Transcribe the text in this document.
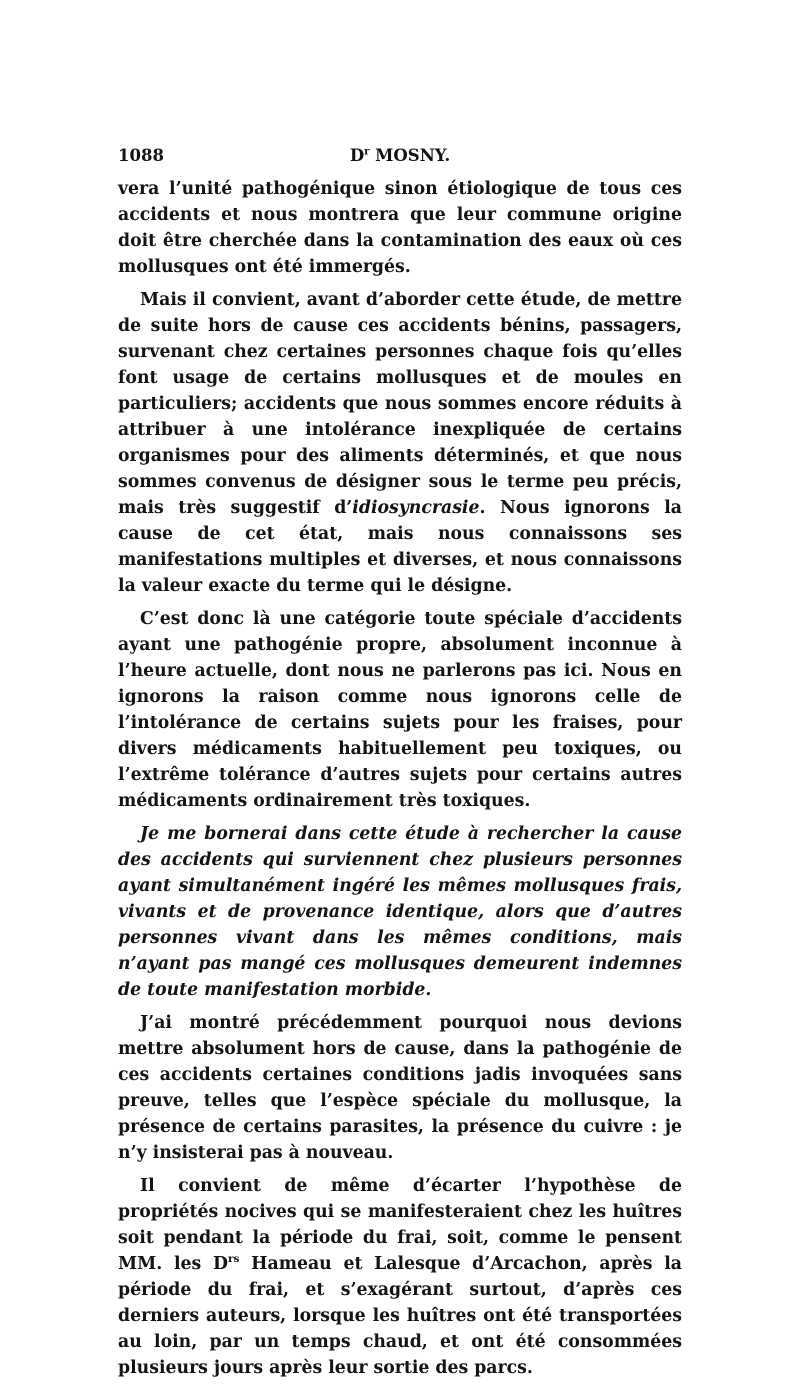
1088	$D^r$ MOSNY.

vera l’unité pathogénique sinon étiologique de tous ces accidents et nous montrera que leur commune origine doit être cherchée dans la contamination des eaux où ces mollusques ont été immergés.

Mais il convient, avant d’aborder cette étude, de mettre de suite hors de cause ces accidents bénins, passagers, survenant chez certaines personnes chaque fois qu’elles font usage de certains mollusques et de moules en particuliers; accidents que nous sommes encore réduits à attribuer à une intolérance inexpliquée de certains organismes pour des aliments déterminés, et que nous sommes convenus de désigner sous le terme peu précis, mais très suggestif d’idiosyncrasie. Nous ignorons la cause de cet état, mais nous connaissons ses manifestations multiples et diverses, et nous connaissons la valeur exacte du terme qui le désigne.

C’est donc là une catégorie toute spéciale d’accidents ayant une pathogénie propre, absolument inconnue à l’heure actuelle, dont nous ne parlerons pas ici. Nous en ignorons la raison comme nous ignorons celle de l’intolérance de certains sujets pour les fraises, pour divers médicaments habituellement peu toxiques, ou l’extrême tolérance d’autres sujets pour certains autres médicaments ordinairement très toxiques.

Je me bornerai dans cette étude à rechercher la cause des accidents qui surviennent chez plusieurs personnes ayant simultanément ingéré les mêmes mollusques frais, vivants et de provenance identique, alors que d’autres personnes vivant dans les mêmes conditions, mais n’ayant pas mangé ces mollusques demeurent indemnes de toute manifestation morbide.

J’ai montré précédemment pourquoi nous devions mettre absolument hors de cause, dans la pathogénie de ces accidents certaines conditions jadis invoquées sans preuve, telles que l’espèce spéciale du mollusque, la présence de certains parasites, la présence du cuivre : je n’y insisterai pas à nouveau.

Il convient de même d’écarter l’hypothèse de propriétés nocives qui se manifesteraient chez les huîtres soit pendant la période du frai, soit, comme le pensent MM. les $D^{rs}$ Hameau et Lalesque d’Arcachon, après la période du frai, et s’exagérant surtout, d’après ces derniers auteurs, lorsque les huîtres ont été transportées au loin, par un temps chaud, et ont été consommées plusieurs jours après leur sortie des parcs.
